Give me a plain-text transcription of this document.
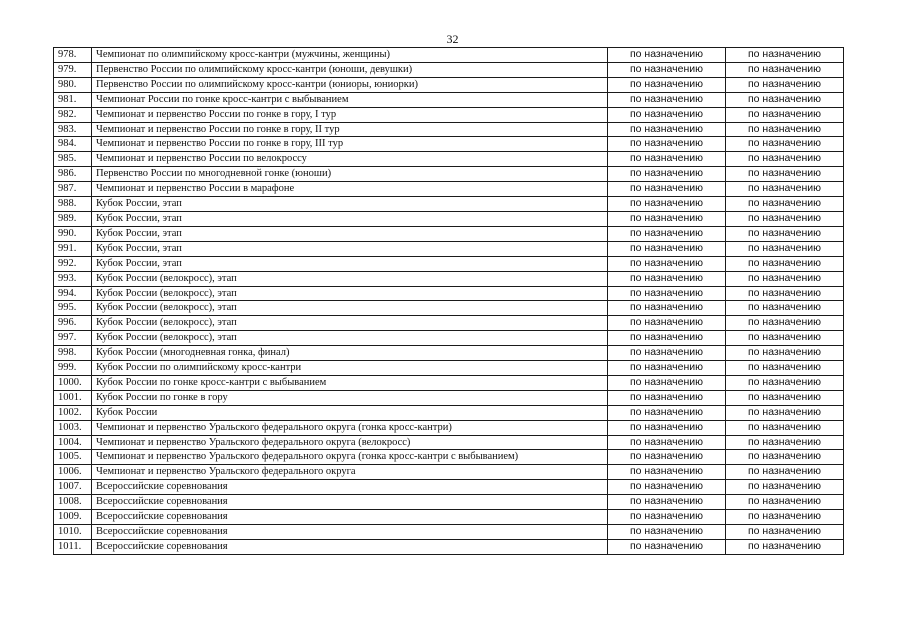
32
978.	Чемпионат по олимпийскому кросс-кантри (мужчины, женщины)	по назначению	по назначению
979.	Первенство России по олимпийскому кросс-кантри (юноши, девушки)	по назначению	по назначению
980.	Первенство России по олимпийскому кросс-кантри (юниоры, юниорки)	по назначению	по назначению
981.	Чемпионат России по гонке кросс-кантри с выбыванием	по назначению	по назначению
982.	Чемпионат и первенство России по гонке в гору, I тур	по назначению	по назначению
983.	Чемпионат и первенство России по гонке в гору, II тур	по назначению	по назначению
984.	Чемпионат и первенство России по гонке в гору, III тур	по назначению	по назначению
985.	Чемпионат и первенство России по велокроссу	по назначению	по назначению
986.	Первенство России по многодневной гонке (юноши)	по назначению	по назначению
987.	Чемпионат и первенство России в марафоне	по назначению	по назначению
988.	Кубок России, этап	по назначению	по назначению
989.	Кубок России, этап	по назначению	по назначению
990.	Кубок России, этап	по назначению	по назначению
991.	Кубок России, этап	по назначению	по назначению
992.	Кубок России, этап	по назначению	по назначению
993.	Кубок России (велокросс), этап	по назначению	по назначению
994.	Кубок России (велокросс), этап	по назначению	по назначению
995.	Кубок России (велокросс), этап	по назначению	по назначению
996.	Кубок России (велокросс), этап	по назначению	по назначению
997.	Кубок России (велокросс), этап	по назначению	по назначению
998.	Кубок России (многодневная гонка, финал)	по назначению	по назначению
999.	Кубок России по олимпийскому кросс-кантри	по назначению	по назначению
1000.	Кубок России по гонке кросс-кантри с выбыванием	по назначению	по назначению
1001.	Кубок России по гонке в гору	по назначению	по назначению
1002.	Кубок России	по назначению	по назначению
1003.	Чемпионат и первенство Уральского федерального округа (гонка кросс-кантри)	по назначению	по назначению
1004.	Чемпионат и первенство Уральского федерального округа (велокросс)	по назначению	по назначению
1005.	Чемпионат и первенство Уральского федерального округа (гонка кросс-кантри с выбыванием)	по назначению	по назначению
1006.	Чемпионат и первенство Уральского федерального округа	по назначению	по назначению
1007.	Всероссийские соревнования	по назначению	по назначению
1008.	Всероссийские соревнования	по назначению	по назначению
1009.	Всероссийские соревнования	по назначению	по назначению
1010.	Всероссийские соревнования	по назначению	по назначению
1011.	Всероссийские соревнования	по назначению	по назначению
